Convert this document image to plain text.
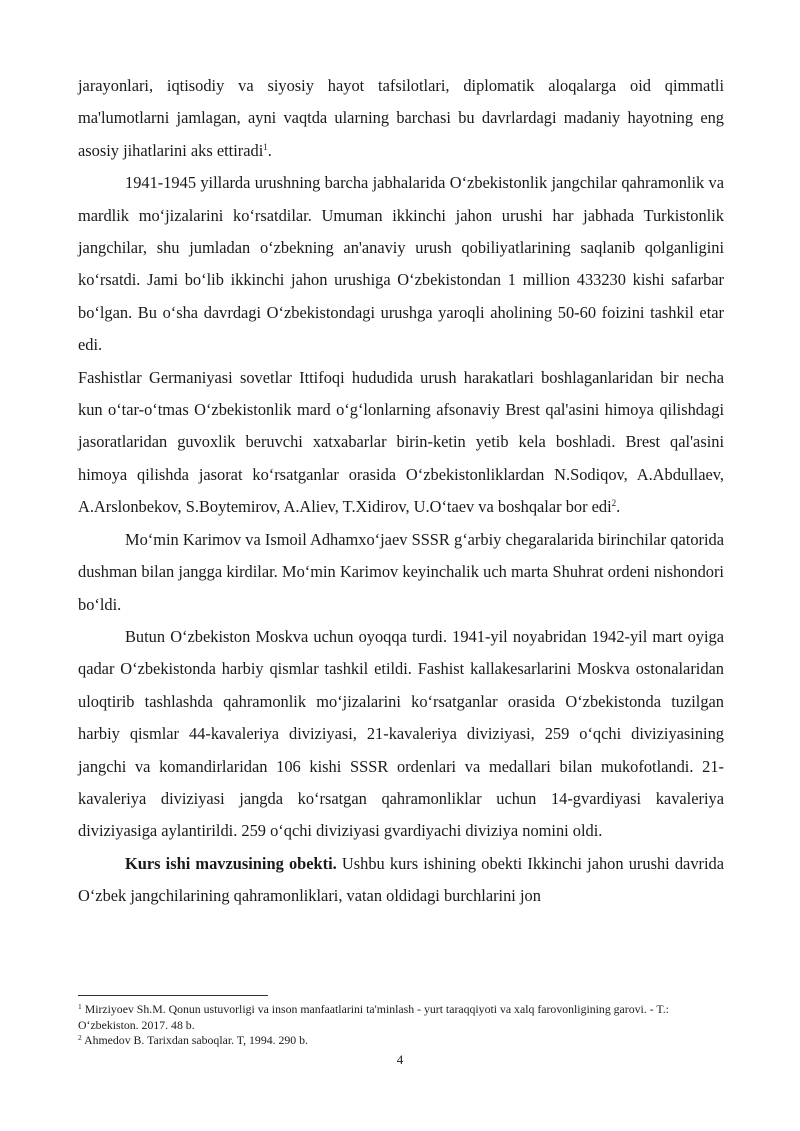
jarayonlari, iqtisodiy va siyosiy hayot tafsilotlari, diplomatik aloqalarga oid qimmatli ma'lumotlarni jamlagan, ayni vaqtda ularning barchasi bu davrlardagi madaniy hayotning eng asosiy jihatlarini aks ettiradi$^1$.

1941-1945 yillarda urushning barcha jabhalarida O‘zbekistonlik jangchilar qahramonlik va mardlik mo‘jizalarini ko‘rsatdilar. Umuman ikkinchi jahon urushi har jabhada Turkistonlik jangchilar, shu jumladan o‘zbekning an'anaviy urush qobiliyatlarining saqlanib qolganligini ko‘rsatdi. Jami bo‘lib ikkinchi jahon urushiga O‘zbekistondan 1 million 433230 kishi safarbar bo‘lgan. Bu o‘sha davrdagi O‘zbekistondagi urushga yaroqli aholining 50-60 foizini tashkil etar edi.

Fashistlar Germaniyasi sovetlar Ittifoqi hududida urush harakatlari boshlaganlaridan bir necha kun o‘tar-o‘tmas O‘zbekistonlik mard o‘g‘lonlarning afsonaviy Brest qal'asini himoya qilishdagi jasoratlaridan guvoxlik beruvchi xatxabarlar birin-ketin yetib kela boshladi. Brest qal'asini himoya qilishda jasorat ko‘rsatganlar orasida O‘zbekistonliklardan N.Sodiqov, A.Abdullaev, A.Arslonbekov, S.Boytemirov, A.Aliev, T.Xidirov, U.O‘taev va boshqalar bor edi$^2$.

Mo‘min Karimov va Ismoil Adhamxo‘jaev SSSR g‘arbiy chegaralarida birinchilar qatorida dushman bilan jangga kirdilar. Mo‘min Karimov keyinchalik uch marta Shuhrat ordeni nishondori bo‘ldi.

Butun O‘zbekiston Moskva uchun oyoqqa turdi. 1941-yil noyabridan 1942-yil mart oyiga qadar O‘zbekistonda harbiy qismlar tashkil etildi. Fashist kallakesarlarini Moskva ostonalaridan uloqtirib tashlashda qahramonlik mo‘jizalarini ko‘rsatganlar orasida O‘zbekistonda tuzilgan harbiy qismlar 44-kavaleriya diviziyasi, 21-kavaleriya diviziyasi, 259 o‘qchi diviziyasining jangchi va komandirlaridan 106 kishi SSSR ordenlari va medallari bilan mukofotlandi. 21-kavaleriya diviziyasi jangda ko‘rsatgan qahramonliklar uchun 14-gvardiyasi kavaleriya diviziyasiga aylantirildi. 259 o‘qchi diviziyasi gvardiyachi diviziya nomini oldi.

Kurs ishi mavzusining obekti. Ushbu kurs ishining obekti Ikkinchi jahon urushi davrida O‘zbek jangchilarining qahramonliklari, vatan oldidagi burchlarini jon

$^1$ Mirziyoev Sh.M. Qonun ustuvorligi va inson manfaatlarini ta'minlash - yurt taraqqiyoti va xalq farovonligining garovi. - T.: O‘zbekiston. 2017. 48 b.

$^2$ Ahmedov B. Tarixdan saboqlar. T, 1994. 290 b.

4
